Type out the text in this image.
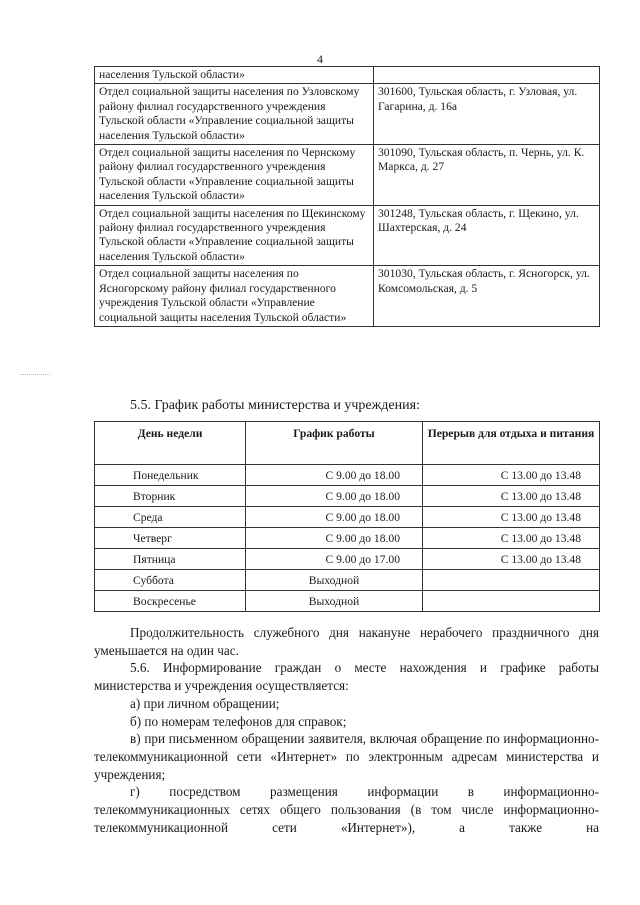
4
населения Тульской области»	
Отдел социальной защиты населения по Узловскому районy филиал государственного учреждения Тульской области «Управление социальной защиты населения Тульской области»	301600, Тульская область, г. Узловая, ул. Гагарина, д. 16а
Отдел социальной защиты населения по Чернскому району филиал государственного учреждения Тульской области «Управление социальной защиты населения Тульской области»	301090, Тульская область, п. Чернь, ул. К. Маркса, д. 27
Отдел социальной защиты населения по Щекинскому району филиал государственного учреждения Тульской области «Управление социальной защиты населения Тульской области»	301248, Тульская область, г. Щекино, ул. Шахтерская, д. 24
Отдел социальной защиты населения по Ясногорскому району филиал государственного учреждения Тульской области «Управление социальной защиты населения Тульской области»	301030, Тульская область, г. Ясногорск, ул. Комсомольская, д. 5
5.5. График работы министерства и учреждения:
День недели	График работы	Перерыв для отдыха и питания
Понедельник	С 9.00 до 18.00	С 13.00 до 13.48
Вторник	С 9.00 до 18.00	С 13.00 до 13.48
Среда	С 9.00 до 18.00	С 13.00 до 13.48
Четверг	С 9.00 до 18.00	С 13.00 до 13.48
Пятница	С 9.00 до 17.00	С 13.00 до 13.48
Суббота	Выходной	
Воскресенье	Выходной	

Продолжительность служебного дня накануне нерабочего праздничного дня уменьшается на один час.

5.6. Информирование граждан о месте нахождения и графике работы министерства и учреждения осуществляется:

а) при личном обращении;

б) по номерам телефонов для справок;

в) при письменном обращении заявителя, включая обращение по информационно-телекоммуникационной сети «Интернет» по электронным адресам министерства и учреждения;

г) посредством размещения информации в информационно-телекоммуникационных сетях общего пользования (в том числе информационно-телекоммуникационной сети «Интернет»), а также на
